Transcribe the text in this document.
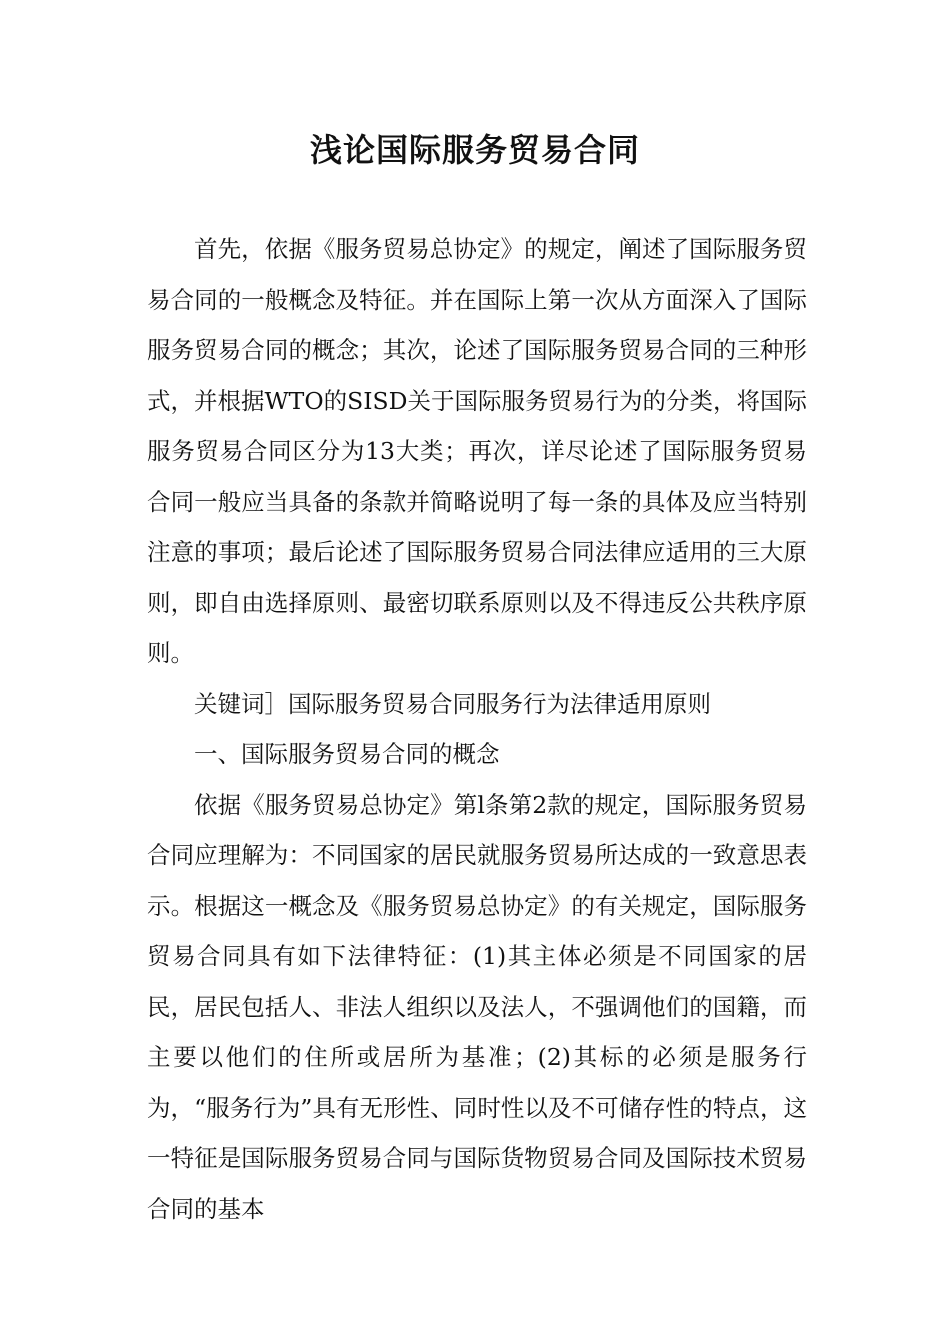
浅论国际服务贸易合同

首先，依据《服务贸易总协定》的规定，阐述了国际服务贸易合同的一般概念及特征。并在国际上第一次从方面深入了国际服务贸易合同的概念；其次，论述了国际服务贸易合同的三种形式，并根据WTO的SISD关于国际服务贸易行为的分类，将国际服务贸易合同区分为13大类；再次，详尽论述了国际服务贸易合同一般应当具备的条款并简略说明了每一条的具体及应当特别注意的事项；最后论述了国际服务贸易合同法律应适用的三大原则，即自由选择原则、最密切联系原则以及不得违反公共秩序原则。

关键词］国际服务贸易合同服务行为法律适用原则

一、国际服务贸易合同的概念

依据《服务贸易总协定》第l条第2款的规定，国际服务贸易合同应理解为：不同国家的居民就服务贸易所达成的一致意思表示。根据这一概念及《服务贸易总协定》的有关规定，国际服务贸易合同具有如下法律特征：(1)其主体必须是不同国家的居民，居民包括人、非法人组织以及法人，不强调他们的国籍，而主要以他们的住所或居所为基准；(2)其标的必须是服务行为，“服务行为”具有无形性、同时性以及不可储存性的特点，这一特征是国际服务贸易合同与国际货物贸易合同及国际技术贸易合同的基本
